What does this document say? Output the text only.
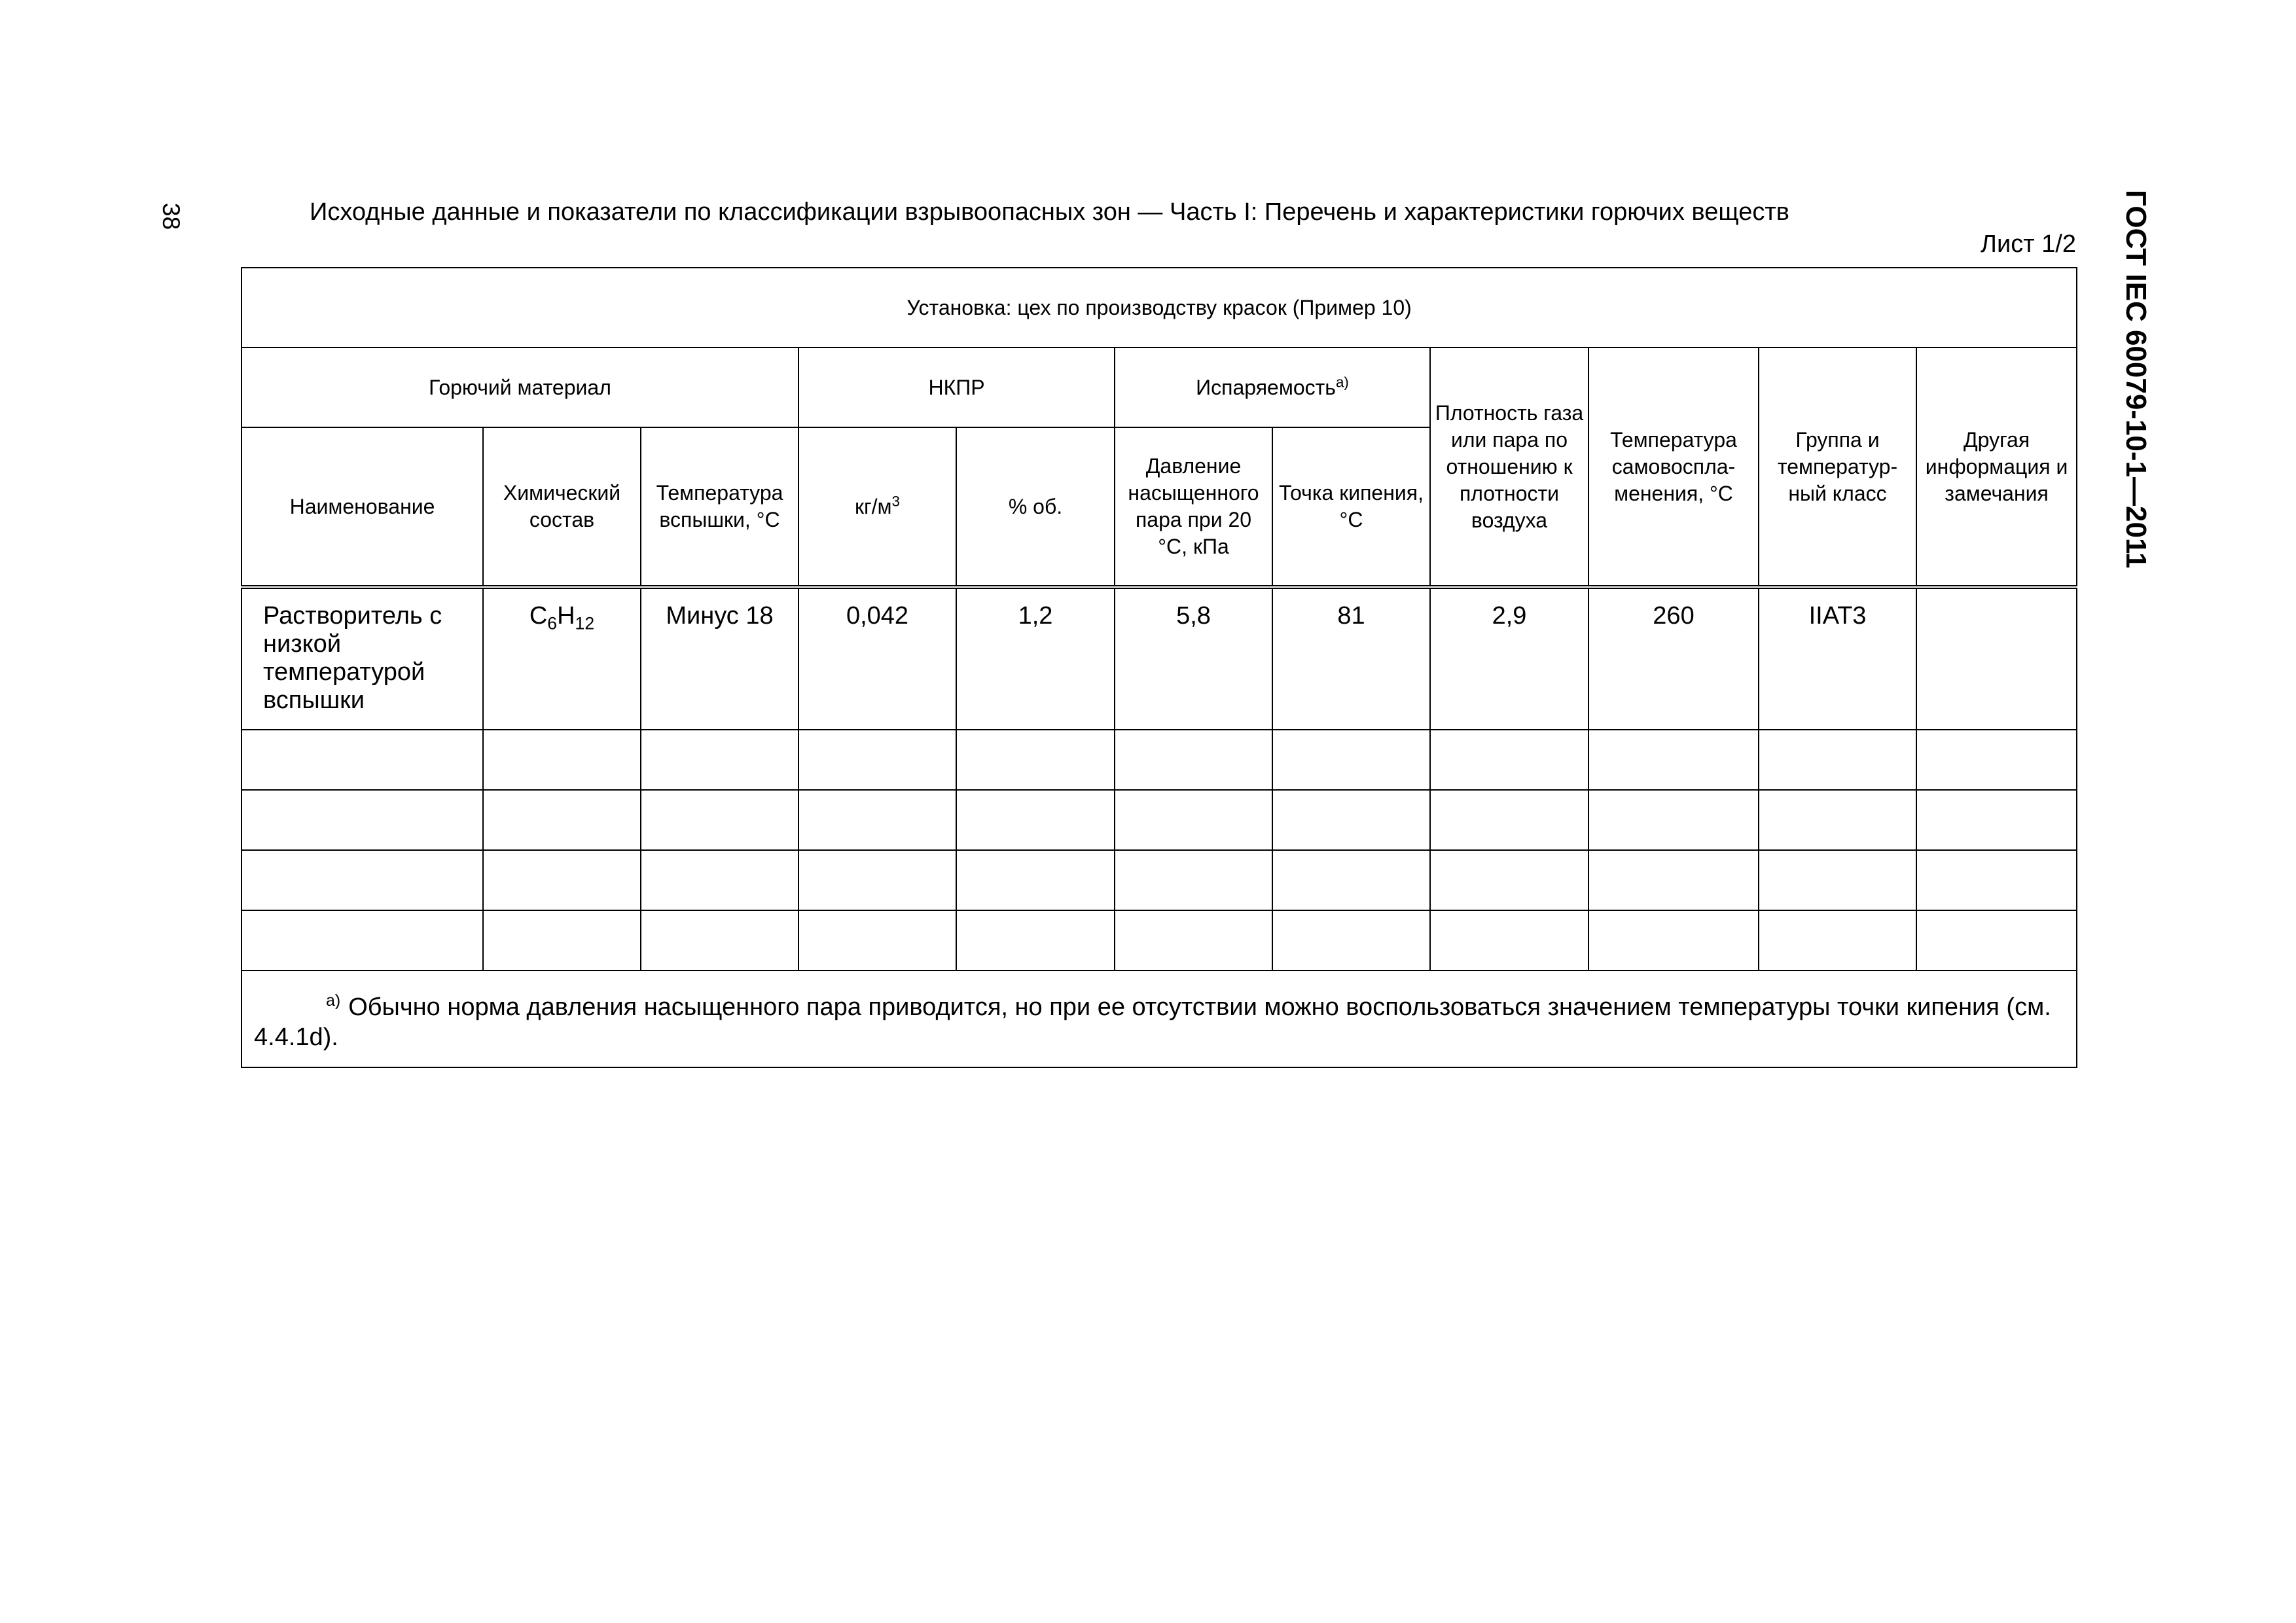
38	ГОСТ IEC 60079-10-1—2011
Исходные данные и показатели по классификации взрывоопасных зон — Часть I: Перечень и характеристики горючих веществ
Лист 1/2
Установка: цех по производству красок (Пример 10)										
Горючий материал			НКПР		Испаряемость$^{а)}$		Плотность газа или пара по отношению к плотности воздуха	Температура самовоспла-менения, °C	Группа и температур-ный класс	Другая информация и замечания
Наименование	Химический состав	Температура вспышки, °C	$кг/м^3$	% об.	Давление насыщенного пара при 20 °C, кПа	Точка кипения, °C				
Растворитель с низкой температурой вспышки	$C_6H_{12}$	Минус 18	0,042	1,2	5,8	81	2,9	260	IIАТ3	

$^{а)}$ Обычно норма давления насыщенного пара приводится, но при ее отсутствии можно воспользоваться значением температуры точки кипения (см. 4.4.1d).										
